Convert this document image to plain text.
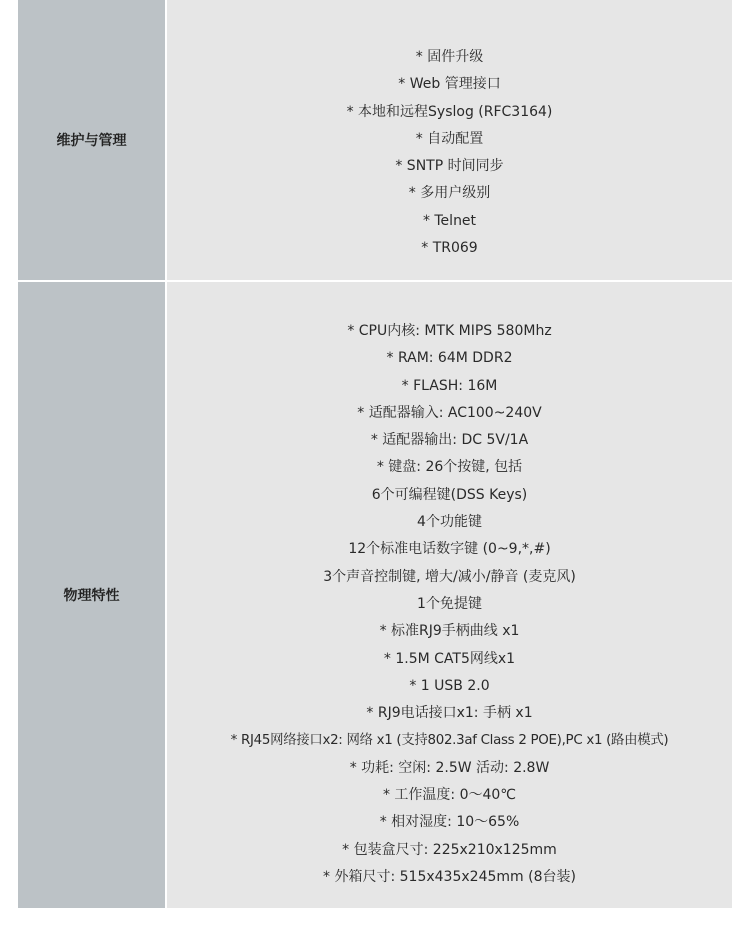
维护与管理
* 固件升级
* Web 管理接口
* 本地和远程Syslog (RFC3164)
* 自动配置
* SNTP 时间同步
* 多用户级别
* Telnet
* TR069
物理特性
* CPU内核: MTK MIPS 580Mhz
* RAM: 64M DDR2
* FLASH: 16M
* 适配器输入: AC100~240V
* 适配器输出: DC 5V/1A
* 键盘: 26个按键, 包括
6个可编程键(DSS Keys)
4个功能键
12个标准电话数字键 (0~9,*,#)
3个声音控制键, 增大/减小/静音 (麦克风)
1个免提键
* 标准RJ9手柄曲线 x1
* 1.5M CAT5网线x1
* 1 USB 2.0
* RJ9电话接口x1: 手柄 x1
* RJ45网络接口x2: 网络 x1 (支持802.3af Class 2 POE),PC x1 (路由模式)
* 功耗: 空闲: 2.5W 活动: 2.8W
* 工作温度: 0～40℃
* 相对湿度: 10～65%
* 包装盒尺寸: 225x210x125mm
* 外箱尺寸: 515x435x245mm (8台装)
